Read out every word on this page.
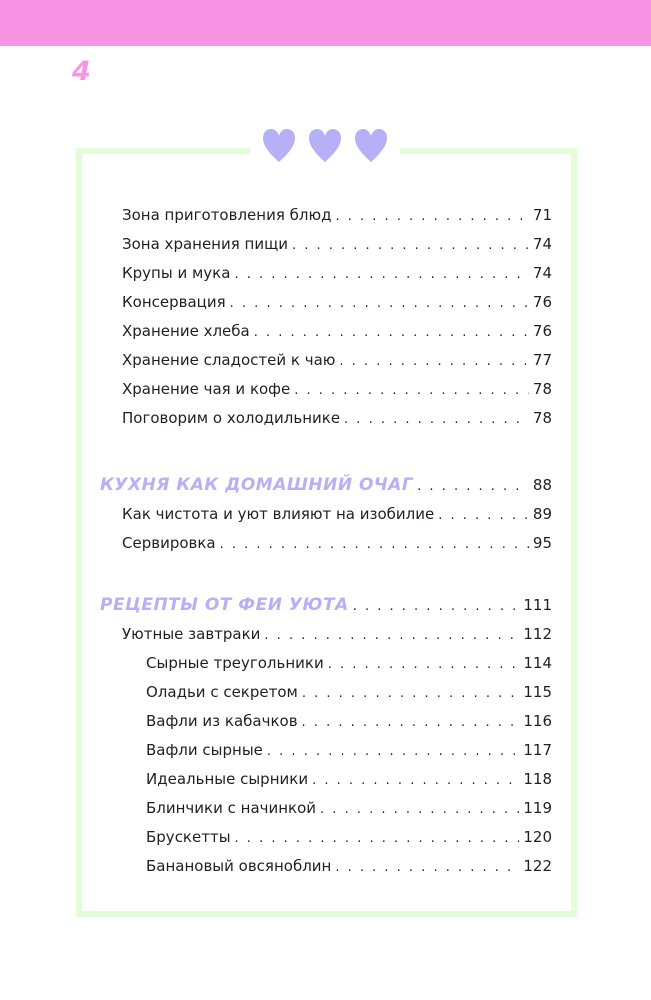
4
Зона приготовления блюд . . .	71
Зона хранения пищи . . .	74
Крупы и мука . . .	74
Консервация . . .	76
Хранение хлеба . . .	76
Хранение сладостей к чаю . . .	77
Хранение чая и кофе . . .	78
Поговорим о холодильнике . . .	78
КУХНЯ КАК ДОМАШНИЙ ОЧАГ . . .	88
Как чистота и уют влияют на изобилие . . .	89
Сервировка . . .	95
РЕЦЕПТЫ ОТ ФЕИ УЮТА . . .	111
Уютные завтраки . . .	112
Сырные треугольники . . .	114
Оладьи с секретом . . .	115
Вафли из кабачков . . .	116
Вафли сырные . . .	117
Идеальные сырники . . .	118
Блинчики с начинкой . . .	119
Брускетты . . .	120
Банановый овсяноблин . . .	122
